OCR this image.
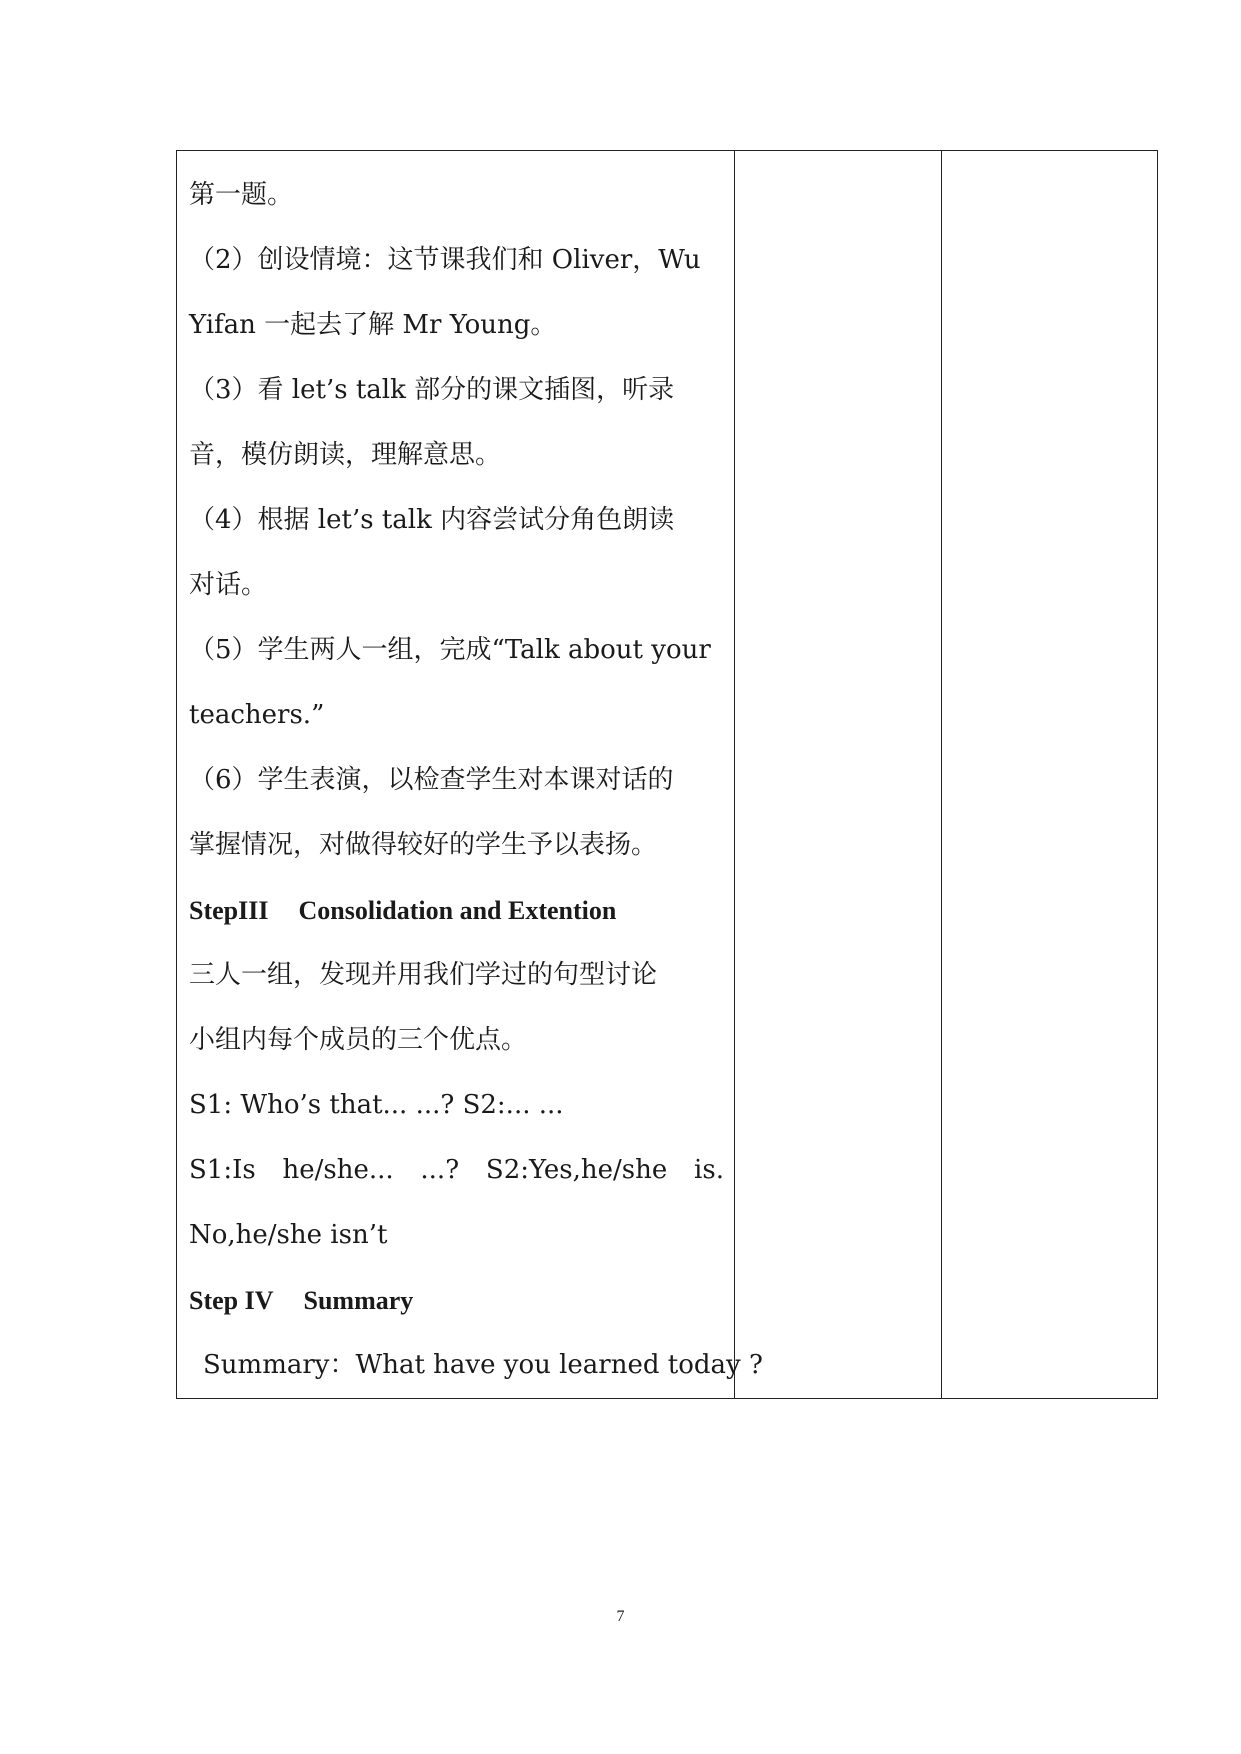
第一题。
（2）创设情境：这节课我们和 Oliver，Wu
Yifan 一起去了解 Mr Young。
（3）看 let’s talk 部分的课文插图，听录
音，模仿朗读，理解意思。
（4）根据 let’s talk 内容尝试分角色朗读
对话。
（5）学生两人一组，完成“Talk about your
teachers.”
（6）学生表演，以检查学生对本课对话的
掌握情况，对做得较好的学生予以表扬。
StepIII Consolidation and Extention
三人一组，发现并用我们学过的句型讨论
小组内每个成员的三个优点。
S1: Who’s that... ...? S2:... ...
S1:Is he/she... ...? S2:Yes,he/she is.
No,he/she isn’t
Step IV Summary
Summary：What have you learned today ?

7
